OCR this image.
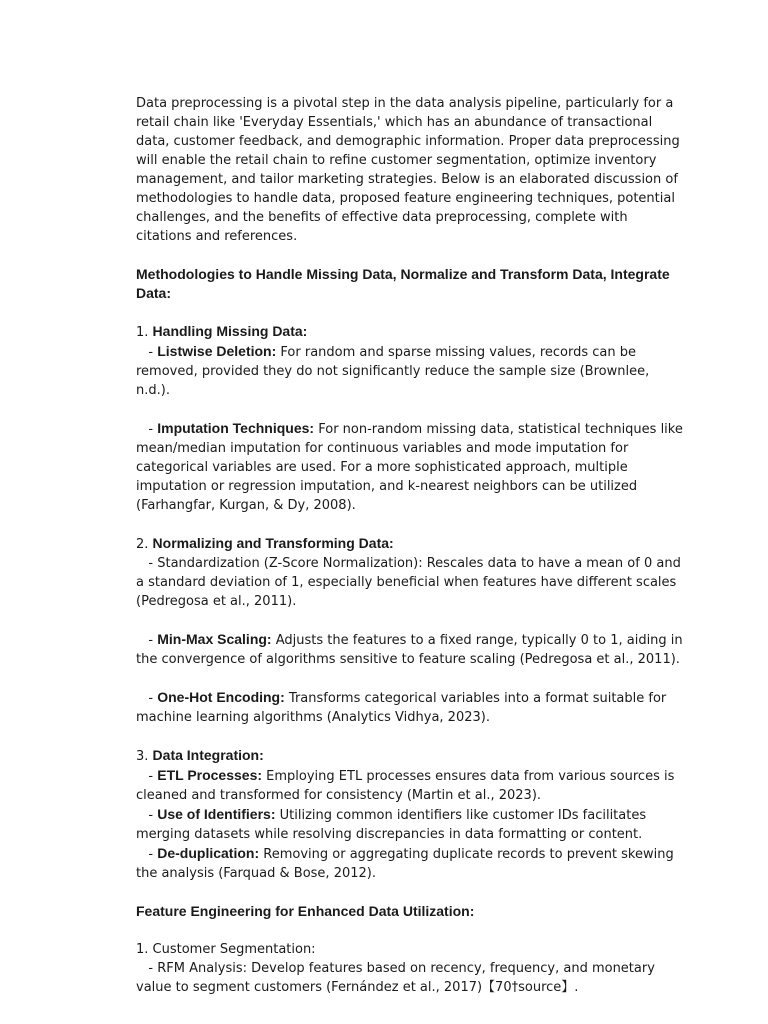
Data preprocessing is a pivotal step in the data analysis pipeline, particularly for a retail chain like 'Everyday Essentials,' which has an abundance of transactional data, customer feedback, and demographic information. Proper data preprocessing will enable the retail chain to refine customer segmentation, optimize inventory management, and tailor marketing strategies. Below is an elaborated discussion of methodologies to handle data, proposed feature engineering techniques, potential challenges, and the benefits of effective data preprocessing, complete with citations and references.

Methodologies to Handle Missing Data, Normalize and Transform Data, Integrate Data:

1. Handling Missing Data:
- Listwise Deletion: For random and sparse missing values, records can be removed, provided they do not significantly reduce the sample size (Brownlee, n.d.).
- Imputation Techniques: For non-random missing data, statistical techniques like mean/median imputation for continuous variables and mode imputation for categorical variables are used. For a more sophisticated approach, multiple imputation or regression imputation, and k-nearest neighbors can be utilized (Farhangfar, Kurgan, & Dy, 2008).
2. Normalizing and Transforming Data:
- Standardization (Z-Score Normalization): Rescales data to have a mean of 0 and a standard deviation of 1, especially beneficial when features have different scales (Pedregosa et al., 2011).
- Min-Max Scaling: Adjusts the features to a fixed range, typically 0 to 1, aiding in the convergence of algorithms sensitive to feature scaling (Pedregosa et al., 2011).
- One-Hot Encoding: Transforms categorical variables into a format suitable for machine learning algorithms (Analytics Vidhya, 2023).
3. Data Integration:
- ETL Processes: Employing ETL processes ensures data from various sources is cleaned and transformed for consistency (Martin et al., 2023).
- Use of Identifiers: Utilizing common identifiers like customer IDs facilitates merging datasets while resolving discrepancies in data formatting or content.
- De-duplication: Removing or aggregating duplicate records to prevent skewing the analysis (Farquad & Bose, 2012).

Feature Engineering for Enhanced Data Utilization:

1. Customer Segmentation:
- RFM Analysis: Develop features based on recency, frequency, and monetary value to segment customers (Fernández et al., 2017)【70†source】.
